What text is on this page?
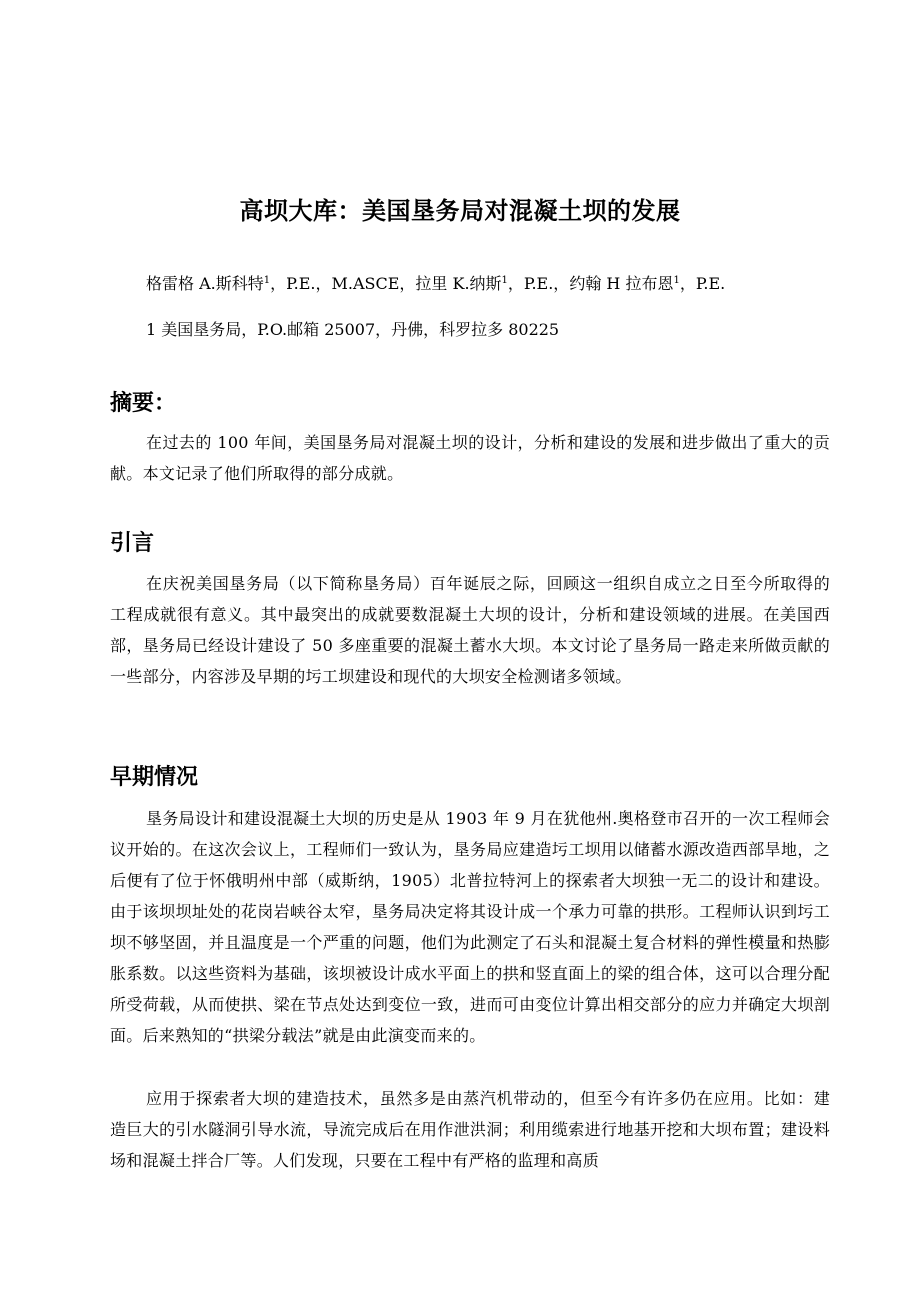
高坝大库：美国垦务局对混凝土坝的发展
格雷格 A.斯科特$^1$，P.E.，M.ASCE，拉里 K.纳斯$^1$，P.E.，约翰 H 拉布恩$^1$，P.E.
1 美国垦务局，P.O.邮箱 25007，丹佛，科罗拉多 80225
摘要：
在过去的 100 年间，美国垦务局对混凝土坝的设计，分析和建设的发展和进步做出了重大的贡献。本文记录了他们所取得的部分成就。
引言
在庆祝美国垦务局（以下简称垦务局）百年诞辰之际，回顾这一组织自成立之日至今所取得的工程成就很有意义。其中最突出的成就要数混凝土大坝的设计，分析和建设领域的进展。在美国西部，垦务局已经设计建设了 50 多座重要的混凝土蓄水大坝。本文讨论了垦务局一路走来所做贡献的一些部分，内容涉及早期的圬工坝建设和现代的大坝安全检测诸多领域。
早期情况
垦务局设计和建设混凝土大坝的历史是从 1903 年 9 月在犹他州.奥格登市召开的一次工程师会议开始的。在这次会议上，工程师们一致认为，垦务局应建造圬工坝用以储蓄水源改造西部旱地，之后便有了位于怀俄明州中部（威斯纳，1905）北普拉特河上的探索者大坝独一无二的设计和建设。由于该坝坝址处的花岗岩峡谷太窄，垦务局决定将其设计成一个承力可靠的拱形。工程师认识到圬工坝不够坚固，并且温度是一个严重的问题，他们为此测定了石头和混凝土复合材料的弹性模量和热膨胀系数。以这些资料为基础，该坝被设计成水平面上的拱和竖直面上的梁的组合体，这可以合理分配所受荷载，从而使拱、梁在节点处达到变位一致，进而可由变位计算出相交部分的应力并确定大坝剖面。后来熟知的“拱梁分载法”就是由此演变而来的。
应用于探索者大坝的建造技术，虽然多是由蒸汽机带动的，但至今有许多仍在应用。比如：建造巨大的引水隧洞引导水流，导流完成后在用作泄洪洞；利用缆索进行地基开挖和大坝布置；建设料场和混凝土拌合厂等。人们发现，只要在工程中有严格的监理和高质
